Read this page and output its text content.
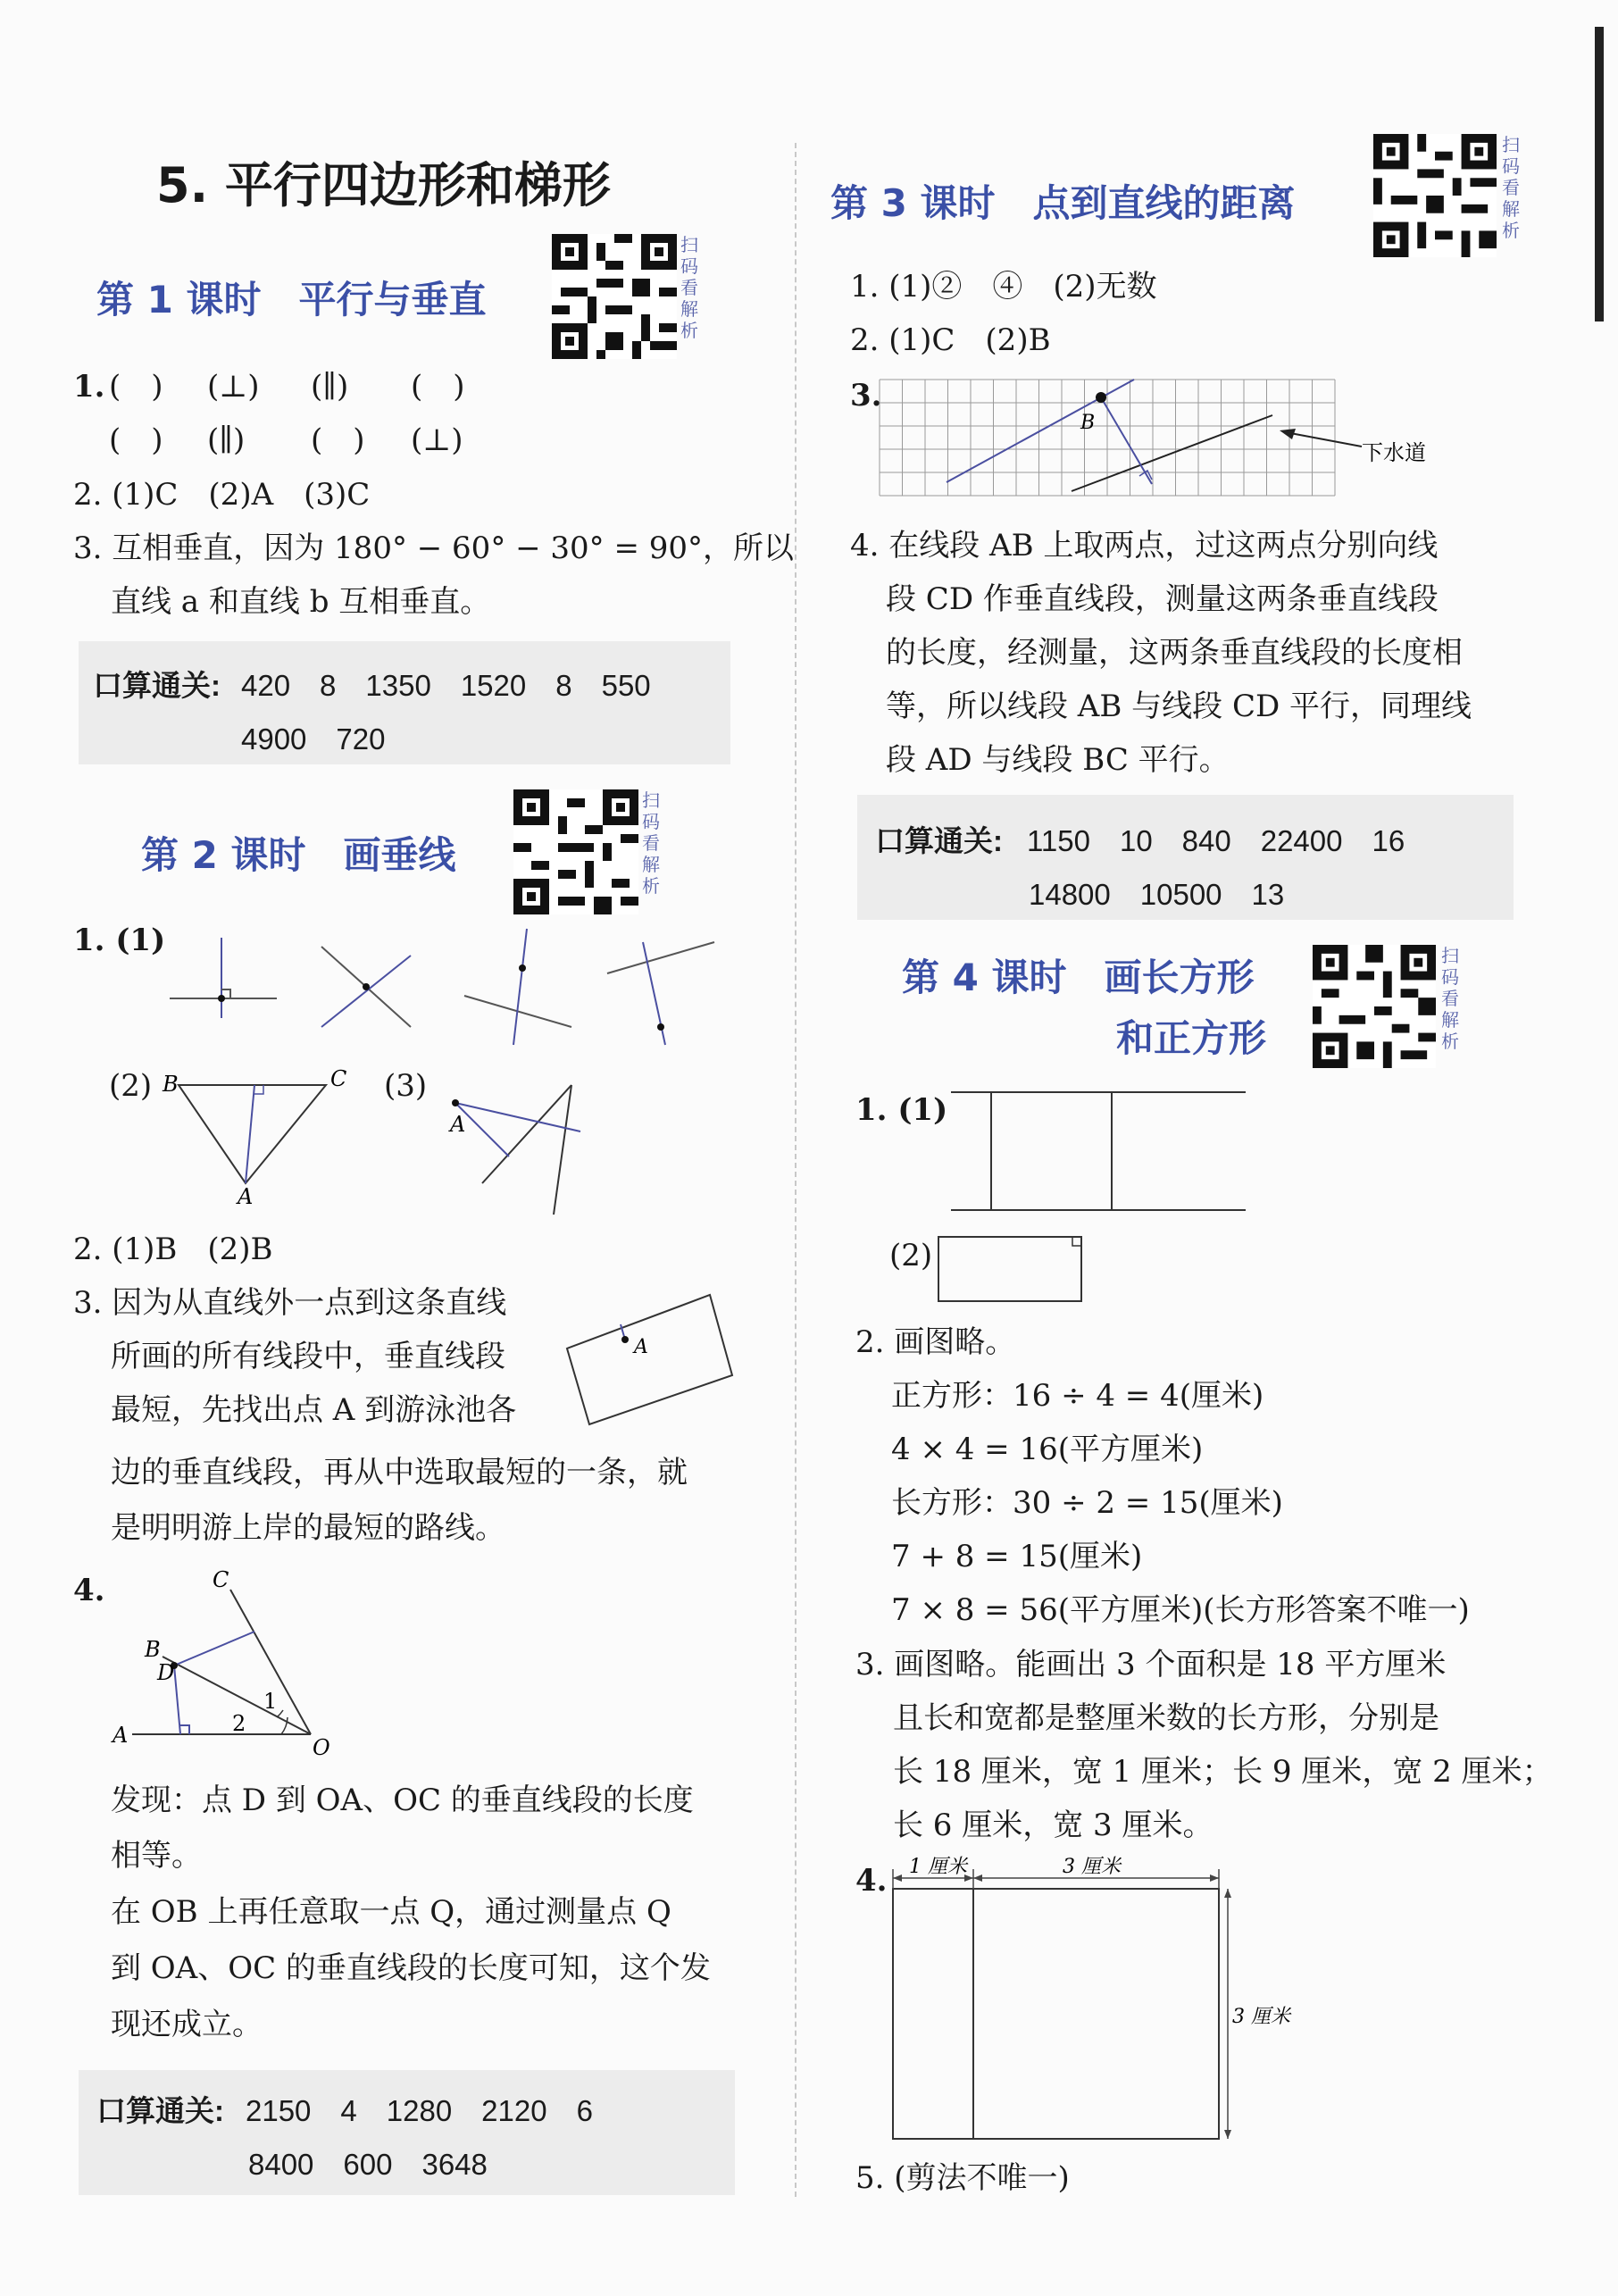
5. 平行四边形和梯形
第 1 课时　平行与垂直
扫码看解析
1. (　) (⊥) (∥) (　)
(　) (∥) (　) (⊥)
2. (1)C　(2)A　(3)C
3. 互相垂直，因为 180° − 60° − 30° = 90°，所以
直线 a 和直线 b 互相垂直。
口算通关: 420　8　1350　1520　8　550
4900　720
第 2 课时　画垂线
扫码看解析
1. (1)
(2) B	C
A
(3)
A
2. (1)B　(2)B
3. 因为从直线外一点到这条直线
所画的所有线段中，垂直线段
最短，先找出点 A 到游泳池各
边的垂直线段，再从中选取最短的一条，就
是明明游上岸的最短的路线。
A
4.	C
B
D
A	O
1
2
发现：点 D 到 OA、OC 的垂直线段的长度
相等。
在 OB 上再任意取一点 Q，通过测量点 Q
到 OA、OC 的垂直线段的长度可知，这个发
现还成立。
口算通关: 2150　4　1280　2120　6
8400　600　3648
第 3 课时　点到直线的距离
扫码看解析
1. (1)②　④　(2)无数
2. (1)C　(2)B
3.
B
下水道
4. 在线段 AB 上取两点，过这两点分别向线
段 CD 作垂直线段，测量这两条垂直线段
的长度，经测量，这两条垂直线段的长度相
等，所以线段 AB 与线段 CD 平行，同理线
段 AD 与线段 BC 平行。
口算通关: 1150　10　840　22400　16
14800　10500　13
第 4 课时　画长方形
和正方形
扫码看解析
1. (1)
(2)
2. 画图略。
正方形：16 ÷ 4 = 4(厘米)
4 × 4 = 16(平方厘米)
长方形：30 ÷ 2 = 15(厘米)
7 + 8 = 15(厘米)
7 × 8 = 56(平方厘米)(长方形答案不唯一)
3. 画图略。能画出 3 个面积是 18 平方厘米
且长和宽都是整厘米数的长方形，分别是
长 18 厘米，宽 1 厘米；长 9 厘米，宽 2 厘米；
长 6 厘米，宽 3 厘米。
4. 1 厘米	3 厘米
3 厘米
5. (剪法不唯一)
